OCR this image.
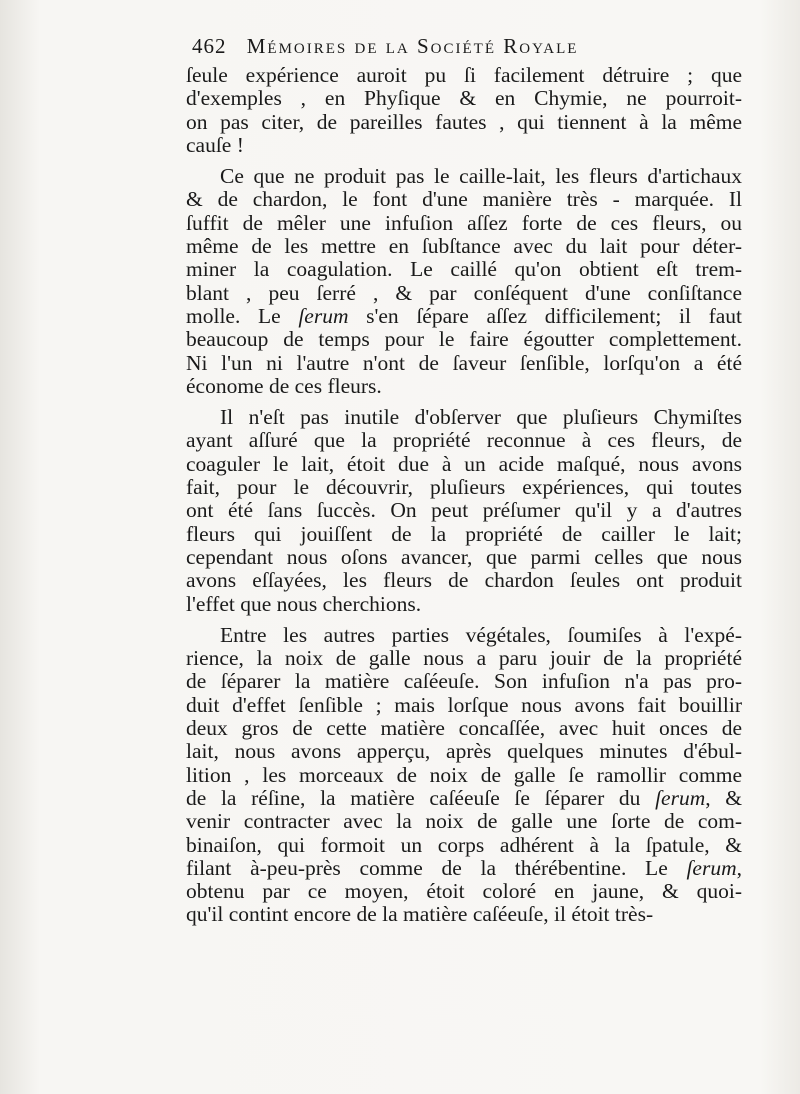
462 Mémoires de la Société Royale
ſeule expérience auroit pu ſi facilement détruire ; que
d'exemples , en Phyſique & en Chymie, ne pourroit-
on pas citer, de pareilles fautes , qui tiennent à la même
cauſe !
Ce que ne produit pas le caille-lait, les fleurs d'artichaux
& de chardon, le font d'une manière très - marquée. Il
ſuffit de mêler une infuſion aſſez forte de ces fleurs, ou
même de les mettre en ſubſtance avec du lait pour déter-
miner la coagulation. Le caillé qu'on obtient eſt trem-
blant , peu ſerré , & par conſéquent d'une conſiſtance
molle. Le ſerum s'en ſépare aſſez difficilement; il faut
beaucoup de temps pour le faire égoutter complettement.
Ni l'un ni l'autre n'ont de ſaveur ſenſible, lorſqu'on a été
économe de ces fleurs.
Il n'eſt pas inutile d'obſerver que pluſieurs Chymiſtes
ayant aſſuré que la propriété reconnue à ces fleurs, de
coaguler le lait, étoit due à un acide maſqué, nous avons
fait, pour le découvrir, pluſieurs expériences, qui toutes
ont été ſans ſuccès. On peut préſumer qu'il y a d'autres
fleurs qui jouiſſent de la propriété de cailler le lait;
cependant nous oſons avancer, que parmi celles que nous
avons eſſayées, les fleurs de chardon ſeules ont produit
l'effet que nous cherchions.
Entre les autres parties végétales, ſoumiſes à l'expé-
rience, la noix de galle nous a paru jouir de la propriété
de ſéparer la matière caſéeuſe. Son infuſion n'a pas pro-
duit d'effet ſenſible ; mais lorſque nous avons fait bouillir
deux gros de cette matière concaſſée, avec huit onces de
lait, nous avons apperçu, après quelques minutes d'ébul-
lition , les morceaux de noix de galle ſe ramollir comme
de la réſine, la matière caſéeuſe ſe ſéparer du ſerum, &
venir contracter avec la noix de galle une ſorte de com-
binaiſon, qui formoit un corps adhérent à la ſpatule, &
filant à-peu-près comme de la thérébentine. Le ſerum,
obtenu par ce moyen, étoit coloré en jaune, & quoi-
qu'il contint encore de la matière caſéeuſe, il étoit très-
